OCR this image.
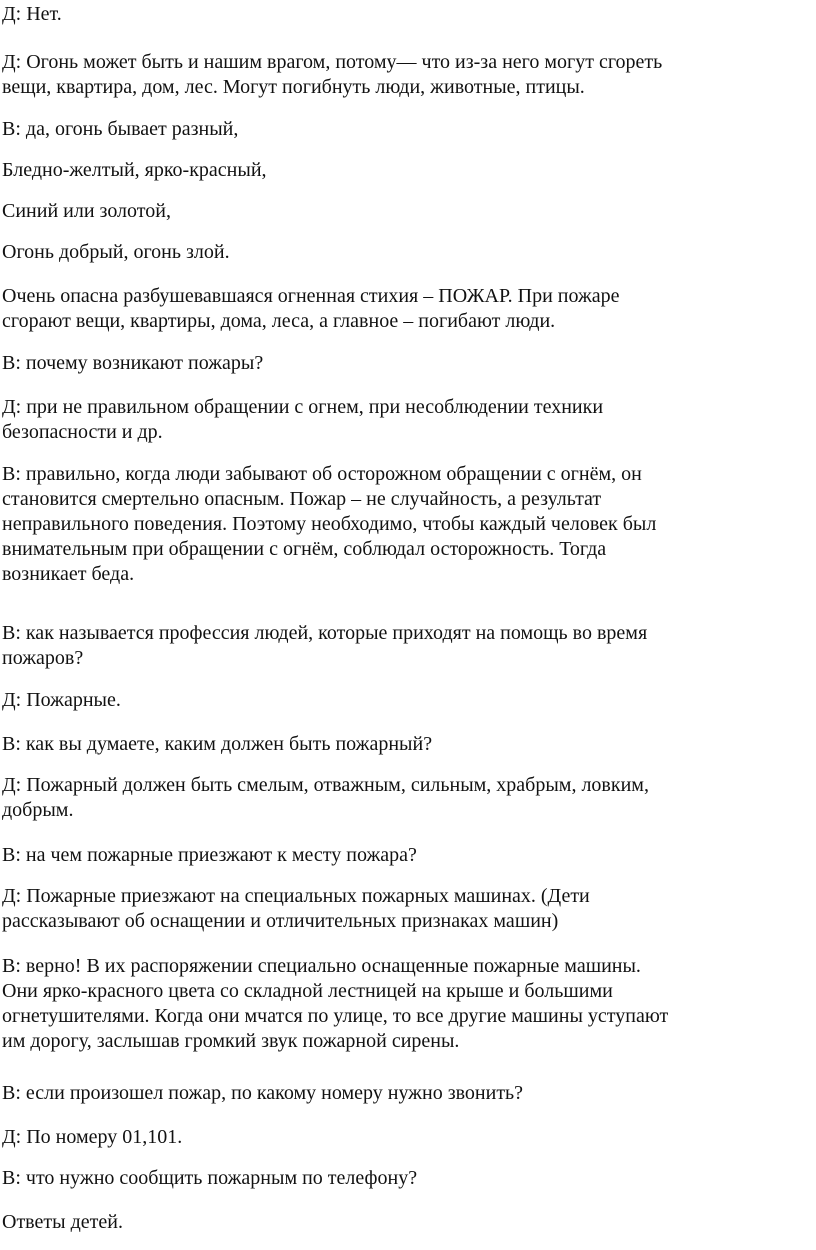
Д: Нет.

Д: Огонь может быть и нашим врагом, потому— что из-за него могут сгореть
вещи, квартира, дом, лес. Могут погибнуть люди, животные, птицы.

В: да, огонь бывает разный,

Бледно-желтый, ярко-красный,

Синий или золотой,

Огонь добрый, огонь злой.

Очень опасна разбушевавшаяся огненная стихия – ПОЖАР. При пожаре
сгорают вещи, квартиры, дома, леса, а главное – погибают люди.

В: почему возникают пожары?

Д: при не правильном обращении с огнем, при несоблюдении техники
безопасности и др.

В: правильно, когда люди забывают об осторожном обращении с огнём, он
становится смертельно опасным. Пожар – не случайность, а результат
неправильного поведения. Поэтому необходимо, чтобы каждый человек был
внимательным при обращении с огнём, соблюдал осторожность. Тогда
возникает беда.

В: как называется профессия людей, которые приходят на помощь во время
пожаров?

Д: Пожарные.

В: как вы думаете, каким должен быть пожарный?

Д: Пожарный должен быть смелым, отважным, сильным, храбрым, ловким,
добрым.

В: на чем пожарные приезжают к месту пожара?

Д: Пожарные приезжают на специальных пожарных машинах. (Дети
рассказывают об оснащении и отличительных признаках машин)

В: верно! В их распоряжении специально оснащенные пожарные машины.
Они ярко-красного цвета со складной лестницей на крыше и большими
огнетушителями. Когда они мчатся по улице, то все другие машины уступают
им дорогу, заслышав громкий звук пожарной сирены.

В: если произошел пожар, по какому номеру нужно звонить?

Д: По номеру 01,101.

В: что нужно сообщить пожарным по телефону?

Ответы детей.
